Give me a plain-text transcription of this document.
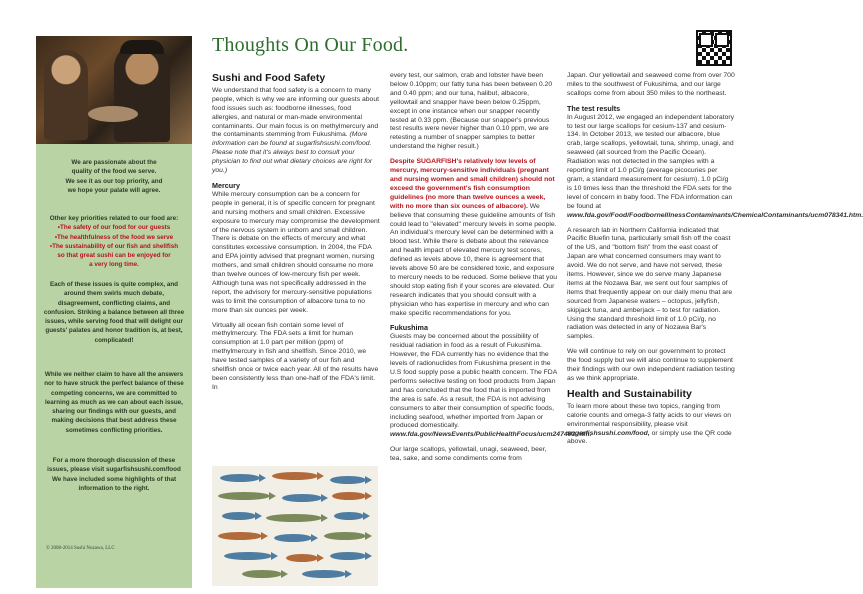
We are passionate about the
quality of the food we serve.
We see it as our top priority, and
we hope your palate will agree.
Other key priorities related to our food are:
•The safety of our food for our guests
•The healthfulness of the food we serve
•The sustainability of our fish and shellfish
so that great sushi can be enjoyed for
a very long time.
Each of these issues is quite complex, and around them swirls much debate, disagreement, conflicting claims, and confusion. Striking a balance between all three issues, while serving food that will delight our guests' palates and honor tradition is, at best, complicated!
While we neither claim to have all the answers nor to have struck the perfect balance of these competing concerns, we are committed to learning as much as we can about each issue, sharing our findings with our guests, and making decisions that best address these sometimes conflicting priorities.
For a more thorough discussion of these issues, please visit sugarfishsushi.com/food We have included some highlights of that information to the right.
© 2008-2014 Sushi Nozawa, LLC
Thoughts On Our Food.
Sushi and Food Safety

We understand that food safety is a concern to many people, which is why we are informing our guests about food issues such as: foodborne illnesses, food allergies, and natural or man-made environmental contaminants. Our main focus is on methylmercury and the contaminants stemming from Fukushima. (More information can be found at sugarfishsushi.com/food. Please note that it's always best to consult your physician to find out what dietary choices are right for you.)

Mercury

While mercury consumption can be a concern for people in general, it is of specific concern for pregnant and nursing mothers and small children. Excessive exposure to mercury may compromise the development of the nervous system in unborn and small children. There is debate on the effects of mercury and what constitutes excessive consumption. In 2004, the FDA and EPA jointly advised that pregnant women, nursing mothers, and small children should consume no more than twelve ounces of low-mercury fish per week. Although tuna was not specifically addressed in the report, the advisory for mercury-sensitive populations was to limit the consumption of albacore tuna to no more than six ounces per week.

Virtually all ocean fish contain some level of methylmercury. The FDA sets a limit for human consumption at 1.0 part per million (ppm) of methylmercury in fish and shellfish. Since 2010, we have tested samples of a variety of our fish and shellfish once or twice each year. All of the results have been consistently less than one-half of the FDA's limit. In

every test, our salmon, crab and lobster have been below 0.10ppm; our fatty tuna has been between 0.20 and 0.40 ppm; and our tuna, halibut, albacore, yellowtail and snapper have been below 0.25ppm, except in one instance when our snapper recently tested at 0.33 ppm. (Because our snapper's previous test results were never higher than 0.10 ppm, we are retesting a number of snapper samples to better understand the higher result.)

Despite SUGARFISH's relatively low levels of mercury, mercury-sensitive individuals (pregnant and nursing women and small children) should not exceed the government's fish consumption guidelines (no more than twelve ounces a week, with no more than six ounces of albacore). We believe that consuming these guideline amounts of fish could lead to "elevated" mercury levels in some people. An individual's mercury level can be determined with a blood test. While there is debate about the relevance and health impact of elevated mercury test scores, defined as levels above 10, there is agreement that levels above 50 are be considered toxic, and exposure to mercury needs to be reduced. Some believe that you should stop eating fish if your scores are elevated. Our research indicates that you should consult with a physician who has expertise in mercury and who can make specific recommendations for you.

Fukushima

Guests may be concerned about the possibility of residual radiation in food as a result of Fukushima. However, the FDA currently has no evidence that the levels of radionuclides from Fukushima present in the U.S food supply pose a public health concern. The FDA performs selective testing on food products from Japan and has concluded that the food that is imported from the area is safe. As a result, the FDA is not advising consumers to alter their consumption of specific foods, including seafood, whether imported from Japan or produced domestically. www.fda.gov/NewsEvents/PublicHealthFocus/ucm247403.htm.

Our large scallops, yellowtail, unagi, seaweed, beer, tea, sake, and some condiments come from

Japan. Our yellowtail and seaweed come from over 700 miles to the southwest of Fukushima, and our large scallops come from about 350 miles to the northeast.

The test results

In August 2012, we engaged an independent laboratory to test our large scallops for cesium-137 and cesium-134. In October 2013, we tested our albacore, blue crab, large scallops, yellowtail, tuna, shrimp, unagi, and seaweed (all sourced from the Pacific Ocean). Radiation was not detected in the samples with a reporting limit of 1.0 pCi/g (average picocuries per gram, a standard measurement for cesium). 1.0 pCi/g is 10 times less than the threshold the FDA sets for the level of concern in baby food. The FDA information can be found at www.fda.gov/Food/FoodborneIllnessContaminants/ChemicalContaminants/ucm078341.htm.

A research lab in Northern California indicated that Pacific Bluefin tuna, particularly small fish off the coast of the US, and "bottom fish" from the east coast of Japan are what concerned consumers may want to avoid. We do not serve, and have not served, these items. However, since we do serve many Japanese items at the Nozawa Bar, we sent out four samples of items that frequently appear on our daily menu that are sourced from Japanese waters – octopus, jellyfish, skipjack tuna, and amberjack – to test for radiation. Using the standard threshold limit of 1.0 pCi/g, no radiation was detected in any of Nozawa Bar's samples.

We will continue to rely on our government to protect the food supply but we will also continue to supplement their findings with our own independent radiation testing as we think appropriate.

Health and Sustainability

To learn more about these two topics, ranging from calorie counts and omega-3 fatty acids to our views on environmental responsibility, please visit sugarfishsushi.com/food, or simply use the QR code above.
